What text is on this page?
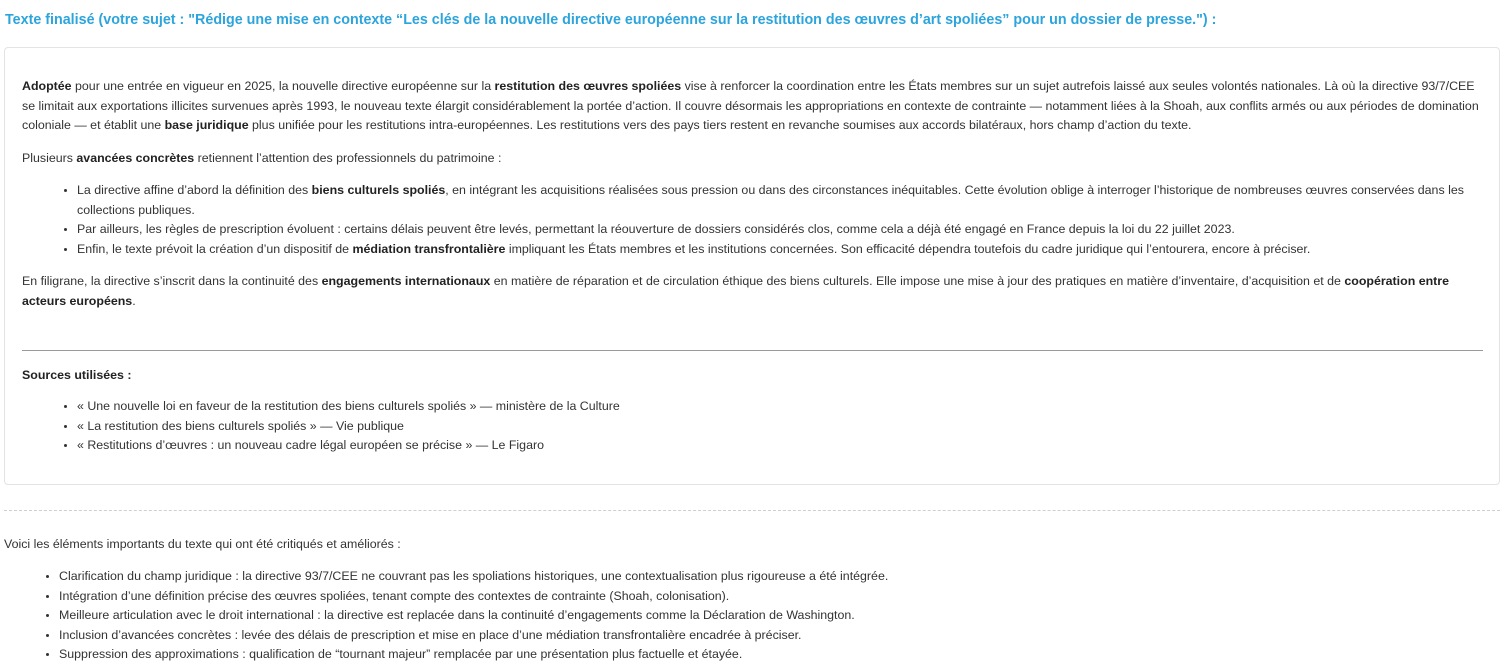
Texte finalisé (votre sujet : "Rédige une mise en contexte “Les clés de la nouvelle directive européenne sur la restitution des œuvres d’art spoliées” pour un dossier de presse.") :

Adoptée pour une entrée en vigueur en 2025, la nouvelle directive européenne sur la restitution des œuvres spoliées vise à renforcer la coordination entre les États membres sur un sujet autrefois laissé aux seules volontés nationales. Là où la directive 93/7/CEE se limitait aux exportations illicites survenues après 1993, le nouveau texte élargit considérablement la portée d’action. Il couvre désormais les appropriations en contexte de contrainte — notamment liées à la Shoah, aux conflits armés ou aux périodes de domination coloniale — et établit une base juridique plus unifiée pour les restitutions intra-européennes. Les restitutions vers des pays tiers restent en revanche soumises aux accords bilatéraux, hors champ d’action du texte.

Plusieurs avancées concrètes retiennent l’attention des professionnels du patrimoine :

• La directive affine d’abord la définition des biens culturels spoliés, en intégrant les acquisitions réalisées sous pression ou dans des circonstances inéquitables. Cette évolution oblige à interroger l’historique de nombreuses œuvres conservées dans les collections publiques.
• Par ailleurs, les règles de prescription évoluent : certains délais peuvent être levés, permettant la réouverture de dossiers considérés clos, comme cela a déjà été engagé en France depuis la loi du 22 juillet 2023.
• Enfin, le texte prévoit la création d’un dispositif de médiation transfrontalière impliquant les États membres et les institutions concernées. Son efficacité dépendra toutefois du cadre juridique qui l’entourera, encore à préciser.

En filigrane, la directive s’inscrit dans la continuité des engagements internationaux en matière de réparation et de circulation éthique des biens culturels. Elle impose une mise à jour des pratiques en matière d’inventaire, d’acquisition et de coopération entre acteurs européens.

Sources utilisées :

• « Une nouvelle loi en faveur de la restitution des biens culturels spoliés » — ministère de la Culture
• « La restitution des biens culturels spoliés » — Vie publique
• « Restitutions d’œuvres : un nouveau cadre légal européen se précise » — Le Figaro

Voici les éléments importants du texte qui ont été critiqués et améliorés :

• Clarification du champ juridique : la directive 93/7/CEE ne couvrant pas les spoliations historiques, une contextualisation plus rigoureuse a été intégrée.
• Intégration d’une définition précise des œuvres spoliées, tenant compte des contextes de contrainte (Shoah, colonisation).
• Meilleure articulation avec le droit international : la directive est replacée dans la continuité d’engagements comme la Déclaration de Washington.
• Inclusion d’avancées concrètes : levée des délais de prescription et mise en place d’une médiation transfrontalière encadrée à préciser.
• Suppression des approximations : qualification de “tournant majeur” remplacée par une présentation plus factuelle et étayée.
